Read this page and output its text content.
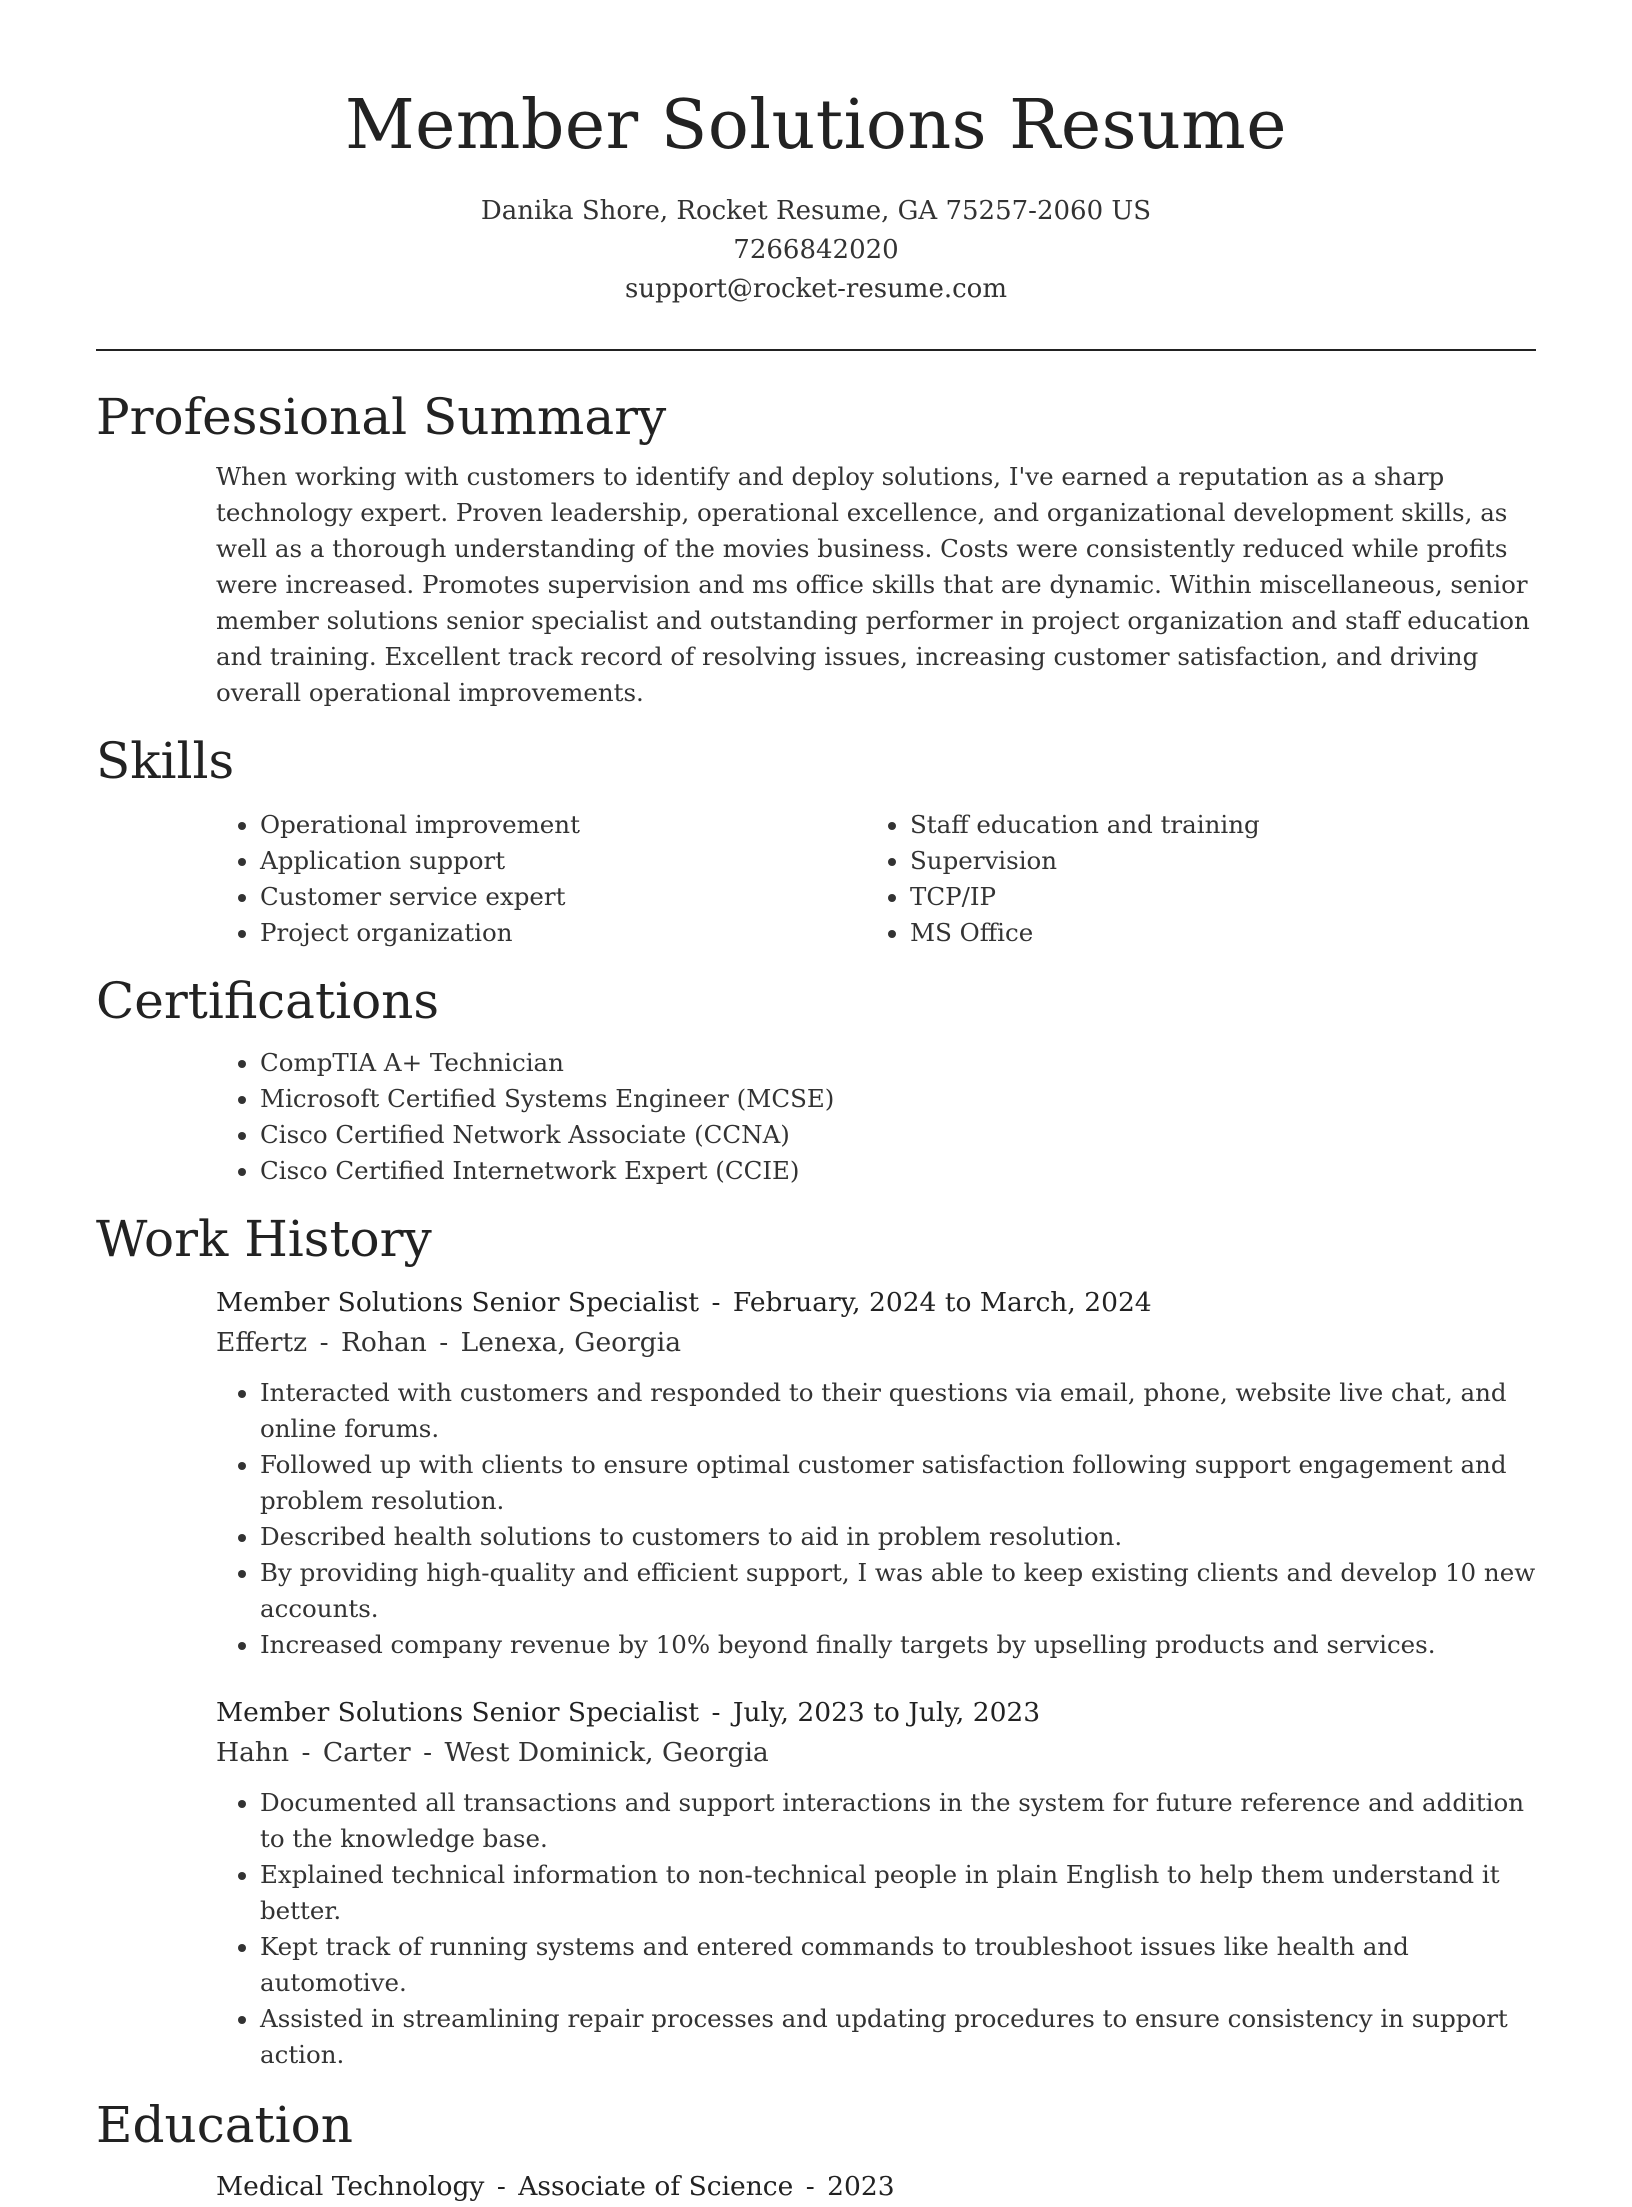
Member Solutions Resume
Danika Shore, Rocket Resume, GA 75257-2060 US
7266842020
support@rocket-resume.com
Professional Summary

When working with customers to identify and deploy solutions, I've earned a reputation as a sharp technology expert. Proven leadership, operational excellence, and organizational development skills, as well as a thorough understanding of the movies business. Costs were consistently reduced while profits were increased. Promotes supervision and ms office skills that are dynamic. Within miscellaneous, senior member solutions senior specialist and outstanding performer in project organization and staff education and training. Excellent track record of resolving issues, increasing customer satisfaction, and driving overall operational improvements.

Skills
• Operational improvement
• Application support
• Customer service expert
• Project organization
• Staff education and training
• Supervision
• TCP/IP
• MS Office
Certifications
• CompTIA A+ Technician
• Microsoft Certified Systems Engineer (MCSE)
• Cisco Certified Network Associate (CCNA)
• Cisco Certified Internetwork Expert (CCIE)
Work History
Member Solutions Senior Specialist - February, 2024 to March, 2024
Effertz - Rohan - Lenexa, Georgia
• Interacted with customers and responded to their questions via email, phone, website live chat, and online forums.
• Followed up with clients to ensure optimal customer satisfaction following support engagement and problem resolution.
• Described health solutions to customers to aid in problem resolution.
• By providing high-quality and efficient support, I was able to keep existing clients and develop 10 new accounts.
• Increased company revenue by 10% beyond finally targets by upselling products and services.
Member Solutions Senior Specialist - July, 2023 to July, 2023
Hahn - Carter - West Dominick, Georgia
• Documented all transactions and support interactions in the system for future reference and addition to the knowledge base.
• Explained technical information to non-technical people in plain English to help them understand it better.
• Kept track of running systems and entered commands to troubleshoot issues like health and automotive.
• Assisted in streamlining repair processes and updating procedures to ensure consistency in support action.
Education
Medical Technology - Associate of Science - 2023
